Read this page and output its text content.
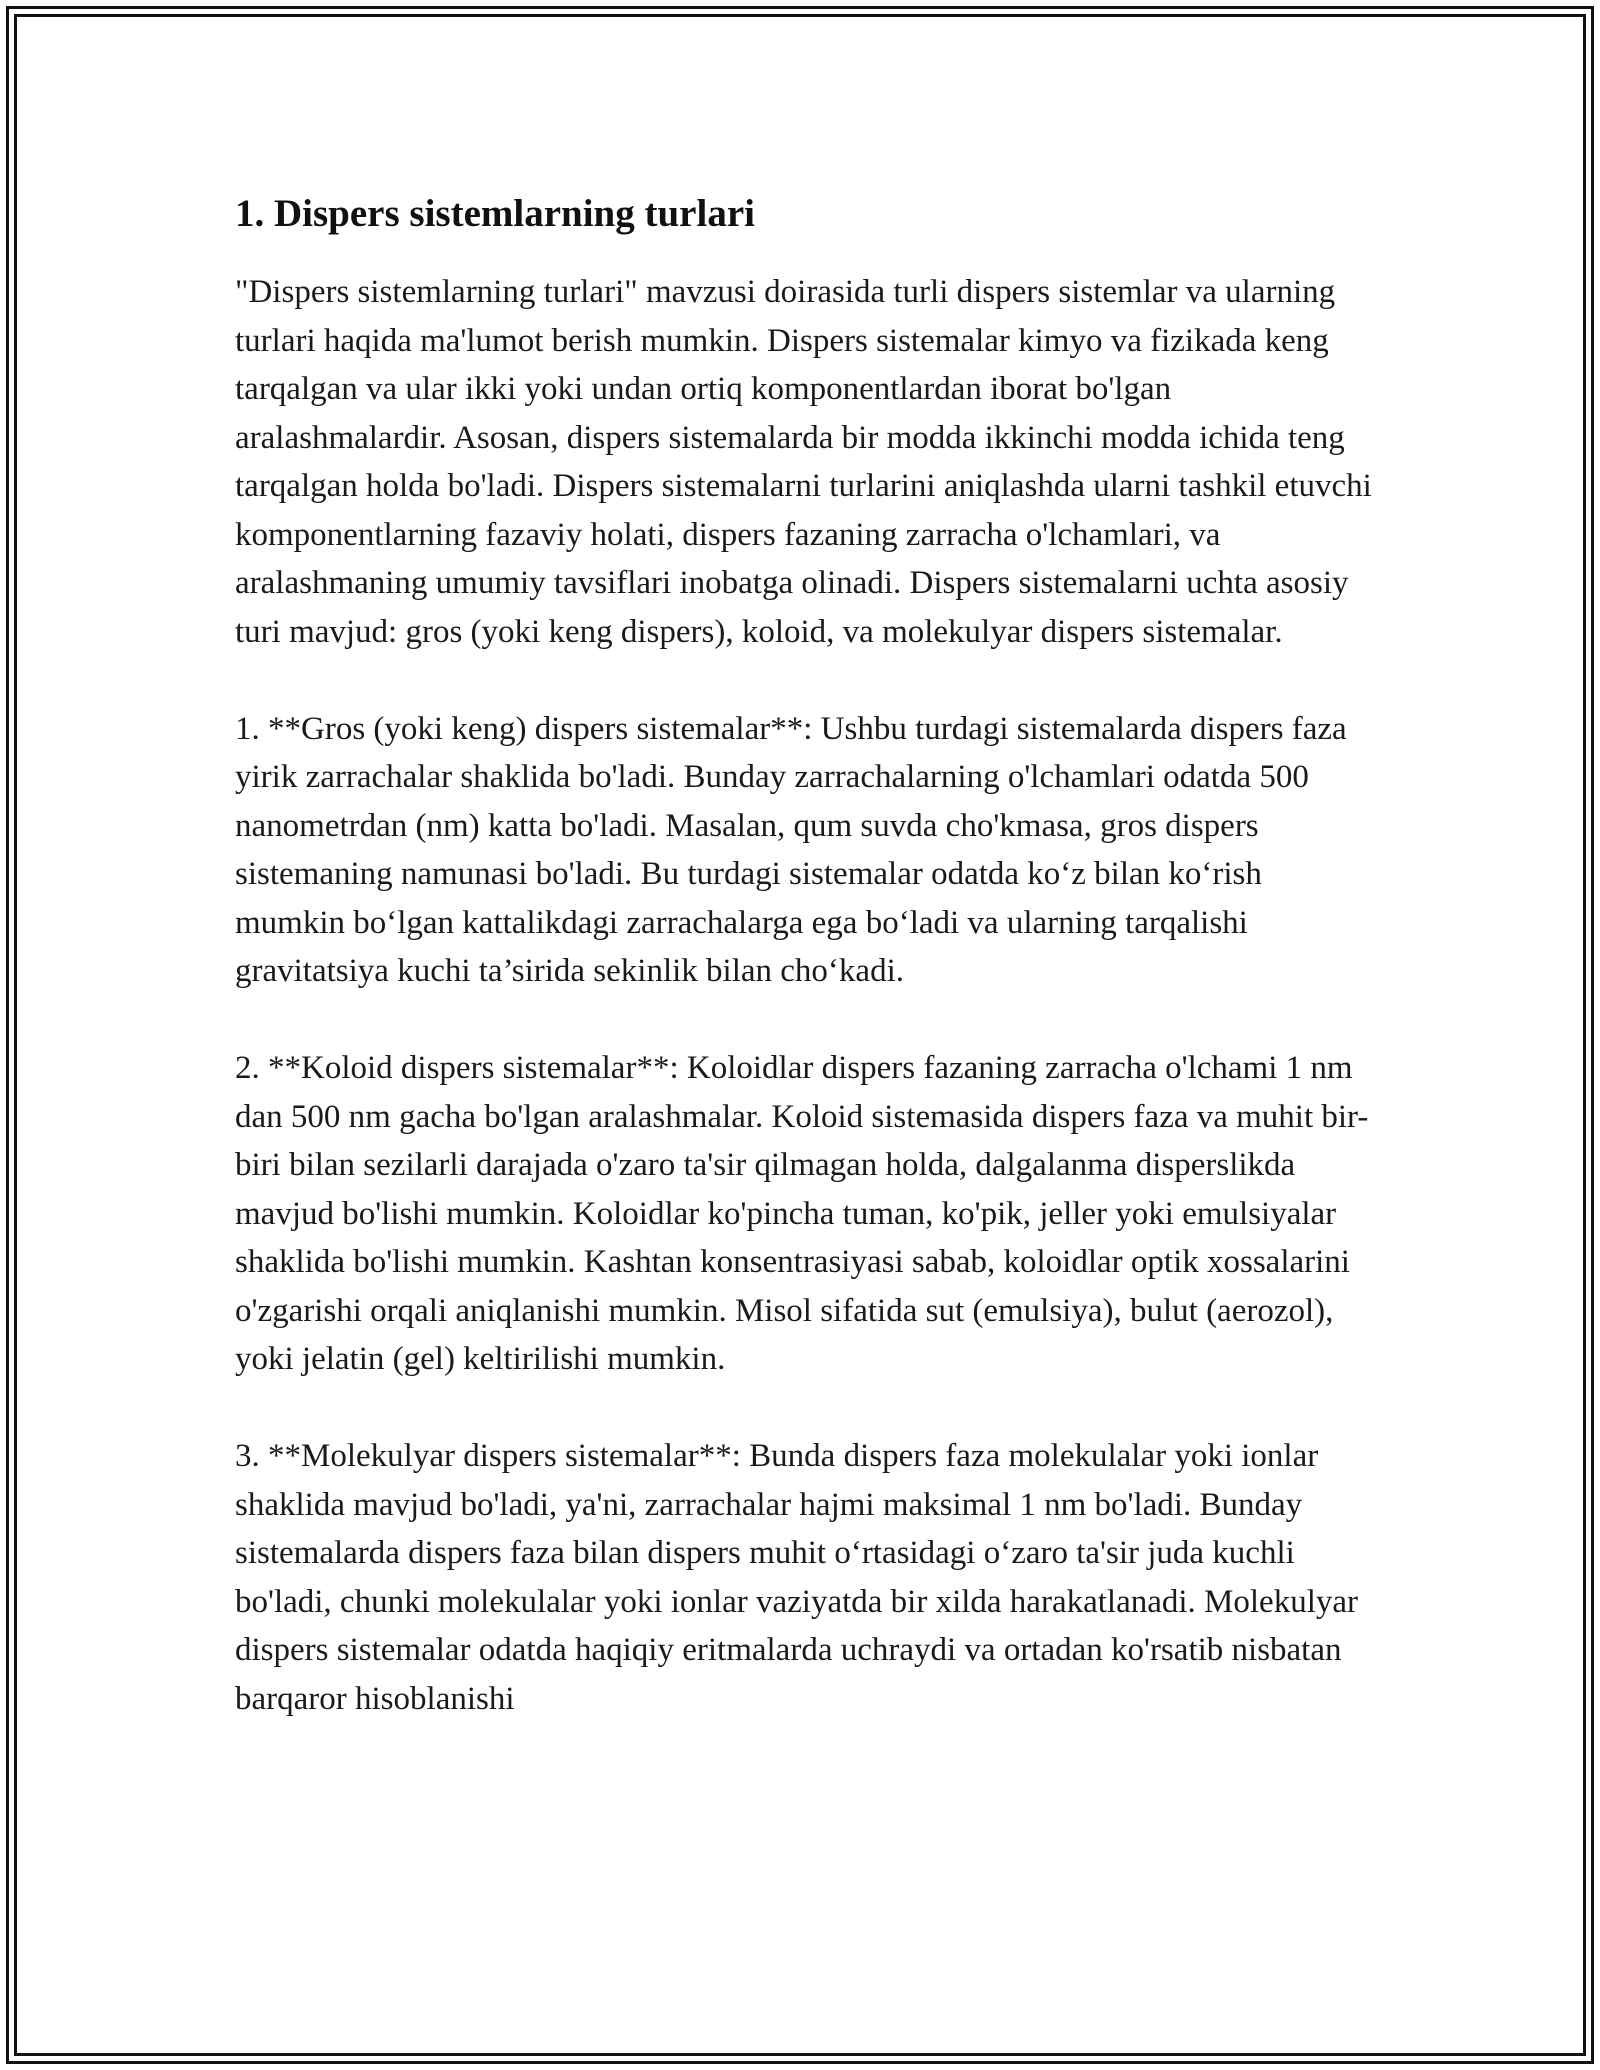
1. Dispers sistemlarning turlari

"Dispers sistemlarning turlari" mavzusi doirasida turli dispers sistemlar va ularning turlari haqida ma'lumot berish mumkin. Dispers sistemalar kimyo va fizikada keng tarqalgan va ular ikki yoki undan ortiq komponentlardan iborat bo'lgan aralashmalardir. Asosan, dispers sistemalarda bir modda ikkinchi modda ichida teng tarqalgan holda bo'ladi. Dispers sistemalarni turlarini aniqlashda ularni tashkil etuvchi komponentlarning fazaviy holati, dispers fazaning zarracha o'lchamlari, va aralashmaning umumiy tavsiflari inobatga olinadi. Dispers sistemalarni uchta asosiy turi mavjud: gros (yoki keng dispers), koloid, va molekulyar dispers sistemalar.

1. **Gros (yoki keng) dispers sistemalar**: Ushbu turdagi sistemalarda dispers faza yirik zarrachalar shaklida bo'ladi. Bunday zarrachalarning o'lchamlari odatda 500 nanometrdan (nm) katta bo'ladi. Masalan, qum suvda cho'kmasa, gros dispers sistemaning namunasi bo'ladi. Bu turdagi sistemalar odatda ko‘z bilan ko‘rish mumkin bo‘lgan kattalikdagi zarrachalarga ega bo‘ladi va ularning tarqalishi gravitatsiya kuchi ta’sirida sekinlik bilan cho‘kadi.

2. **Koloid dispers sistemalar**: Koloidlar dispers fazaning zarracha o'lchami 1 nm dan 500 nm gacha bo'lgan aralashmalar. Koloid sistemasida dispers faza va muhit bir-biri bilan sezilarli darajada o'zaro ta'sir qilmagan holda, dalgalanma disperslikda mavjud bo'lishi mumkin. Koloidlar ko'pincha tuman, ko'pik, jeller yoki emulsiyalar shaklida bo'lishi mumkin. Kashtan konsentrasiyasi sabab, koloidlar optik xossalarini o'zgarishi orqali aniqlanishi mumkin. Misol sifatida sut (emulsiya), bulut (aerozol), yoki jelatin (gel) keltirilishi mumkin.

3. **Molekulyar dispers sistemalar**: Bunda dispers faza molekulalar yoki ionlar shaklida mavjud bo'ladi, ya'ni, zarrachalar hajmi maksimal 1 nm bo'ladi. Bunday sistemalarda dispers faza bilan dispers muhit o‘rtasidagi o‘zaro ta'sir juda kuchli bo'ladi, chunki molekulalar yoki ionlar vaziyatda bir xilda harakatlanadi. Molekulyar dispers sistemalar odatda haqiqiy eritmalarda uchraydi va ortadan ko'rsatib nisbatan barqaror hisoblanishi
